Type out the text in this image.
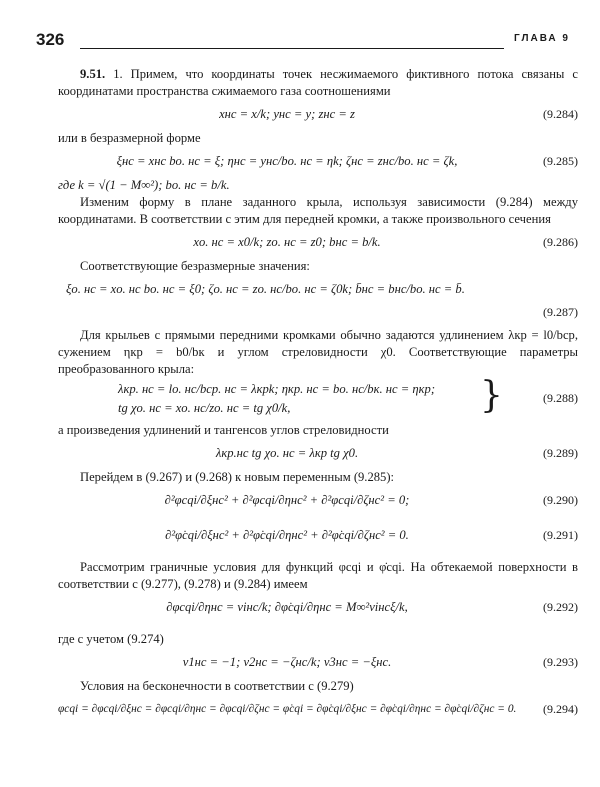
326	ГЛАВА 9

9.51. 1. Примем, что координаты точек несжимаемого фиктивного потока связаны с координатами пространства сжимаемого газа соотношениями

xнс = x/k; yнс = y; zнс = z	(9.284)

или в безразмерной форме

ξнс = xнс bо. нс = ξ; ηнс = yнс/bо. нс = ηk; ζнс = zнс/bо. нс = ζk,	(9.285)

где k = √(1 − M∞²); bо. нс = b/k.

Изменим форму в плане заданного крыла, используя зависимости (9.284) между координатами. В соответствии с этим для передней кромки, а также произвольного сечения

xо. нс = x0/k; zо. нс = z0; bнс = b/k.	(9.286)

Соответствующие безразмерные значения:

ξо. нс = xо. нс bо. нс = ξ0; ζо. нс = zо. нс/bо. нс = ζ0k; b̄нс = bнс/bо. нс = b̄.
(9.287)

Для крыльев с прямыми передними кромками обычно задаются удлинением λкр = l0/bср, сужением ηкр = b0/bк и углом стреловидности χ0. Соответствующие параметры преобразованного крыла:

λкр. нс = lо. нс/bср. нс = λкрk; ηкр. нс = bо. нс/bк. нс = ηкр;
tg χо. нс = xо. нс/zо. нс = tg χ0/k,	}	(9.288)

а произведения удлинений и тангенсов углов стреловидности

λкр.нс tg χо. нс = λкр tg χ0.	(9.289)

Перейдем в (9.267) и (9.268) к новым переменным (9.285):

∂²φcqi/∂ξнс² + ∂²φcqi/∂ηнс² + ∂²φcqi/∂ζнс² = 0;	(9.290)
∂²φ̇cqi/∂ξнс² + ∂²φ̇cqi/∂ηнс² + ∂²φ̇cqi/∂ζнс² = 0.	(9.291)

Рассмотрим граничные условия для функций φcqi и φ̇cqi. На обтекаемой поверхности в соответствии с (9.277), (9.278) и (9.284) имеем

∂φcqi/∂ηнс = viнс/k; ∂φ̇cqi/∂ηнс = M∞²viнсξ/k,	(9.292)

где с учетом (9.274)

v1нс = −1; v2нс = −ζнс/k; v3нс = −ξнс.	(9.293)

Условия на бесконечности в соответствии с (9.279)

φcqi = ∂φcqi/∂ξнс = ∂φcqi/∂ηнс = ∂φcqi/∂ζнс = φ̇cqi = ∂φ̇cqi/∂ξнс = ∂φ̇cqi/∂ηнс = ∂φ̇cqi/∂ζнс = 0. (9.294)
